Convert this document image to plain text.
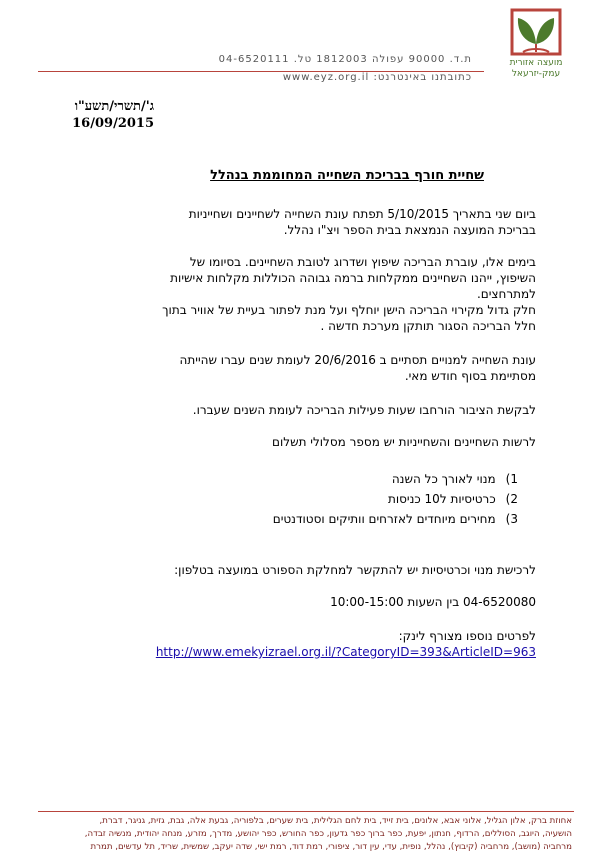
מועצה אזורית
עמק-יזרעאל
ת.ד. 90000 עפולה 1812003 טל. 04-6520111
כתובתנו באינטרנט: www.eyz.org.il
ג'/תשרי/תשע"ו
16/09/2015
שחיית חורף בבריכת השחייה המחוממת בנהלל
ביום שני בתאריך 5/10/2015 תפתח עונת השחייה לשחיינים ושחייניות
בבריכת המועצה הנמצאת בבית הספר ויצ"ו נהלל.
בימים אלו, עוברת הבריכה שיפוץ ושדרוג לטובת השחיינים. בסיומו של
השיפוץ, ייהנו השחיינים ממקלחות ברמה גבוהה הכוללות מקלחות אישיות
למתרחצים.
חלק גדול מקירוי הבריכה הישן יוחלף ועל מנת לפתור בעיית של אוויר בתוך
חלל הבריכה הסגור תותקן מערכת חדשה .
עונת השחייה למנויים תסתיים ב 20/6/2016 לעומת שנים עברו שהייתה
מסתיימת בסוף חודש מאי.
לבקשת הציבור הורחבו שעות פעילות הבריכה לעומת השנים שעברו.
לרשות השחיינים והשחייניות יש מספר מסלולי תשלום
1)מנוי לאורך כל השנה
2)כרטיסיות ל10 כניסות
3)מחירים מיוחדים לאזרחים וותיקים וסטודנטים
לרכישת מנוי וכרטיסיות יש להתקשר למחלקת הספורט במועצה בטלפון:
04-6520080 בין השעות 10:00-15:00
לפרטים נוספו מצורף לינק:
http://www.emekyizrael.org.il/?CategoryID=393&ArticleID=963
אחוזת ברק, אלון הגליל, אלוני אבא, אלונים, בית זייד, בית לחם הגלילית, בית שערים, בלפוריה, גבעת אלה, גבת, גזית, גניגר, דברת,
הושעיה, היוגב, הסוללים, הרדוף, חנתון, יפעת, כפר ברוך כפר גדעון, כפר החורש, כפר יהושע, מדרך, מזרע, מנחה יהודית, מנשיה זבדה,
מרחביה (מושב), מרחביה (קיבוץ), נהלל, נופית, עדי, עין דור, ציפורי, רמת דוד, רמת ישי, שדה יעקב, שמשית, שריד, תל עדשים, תמרת
